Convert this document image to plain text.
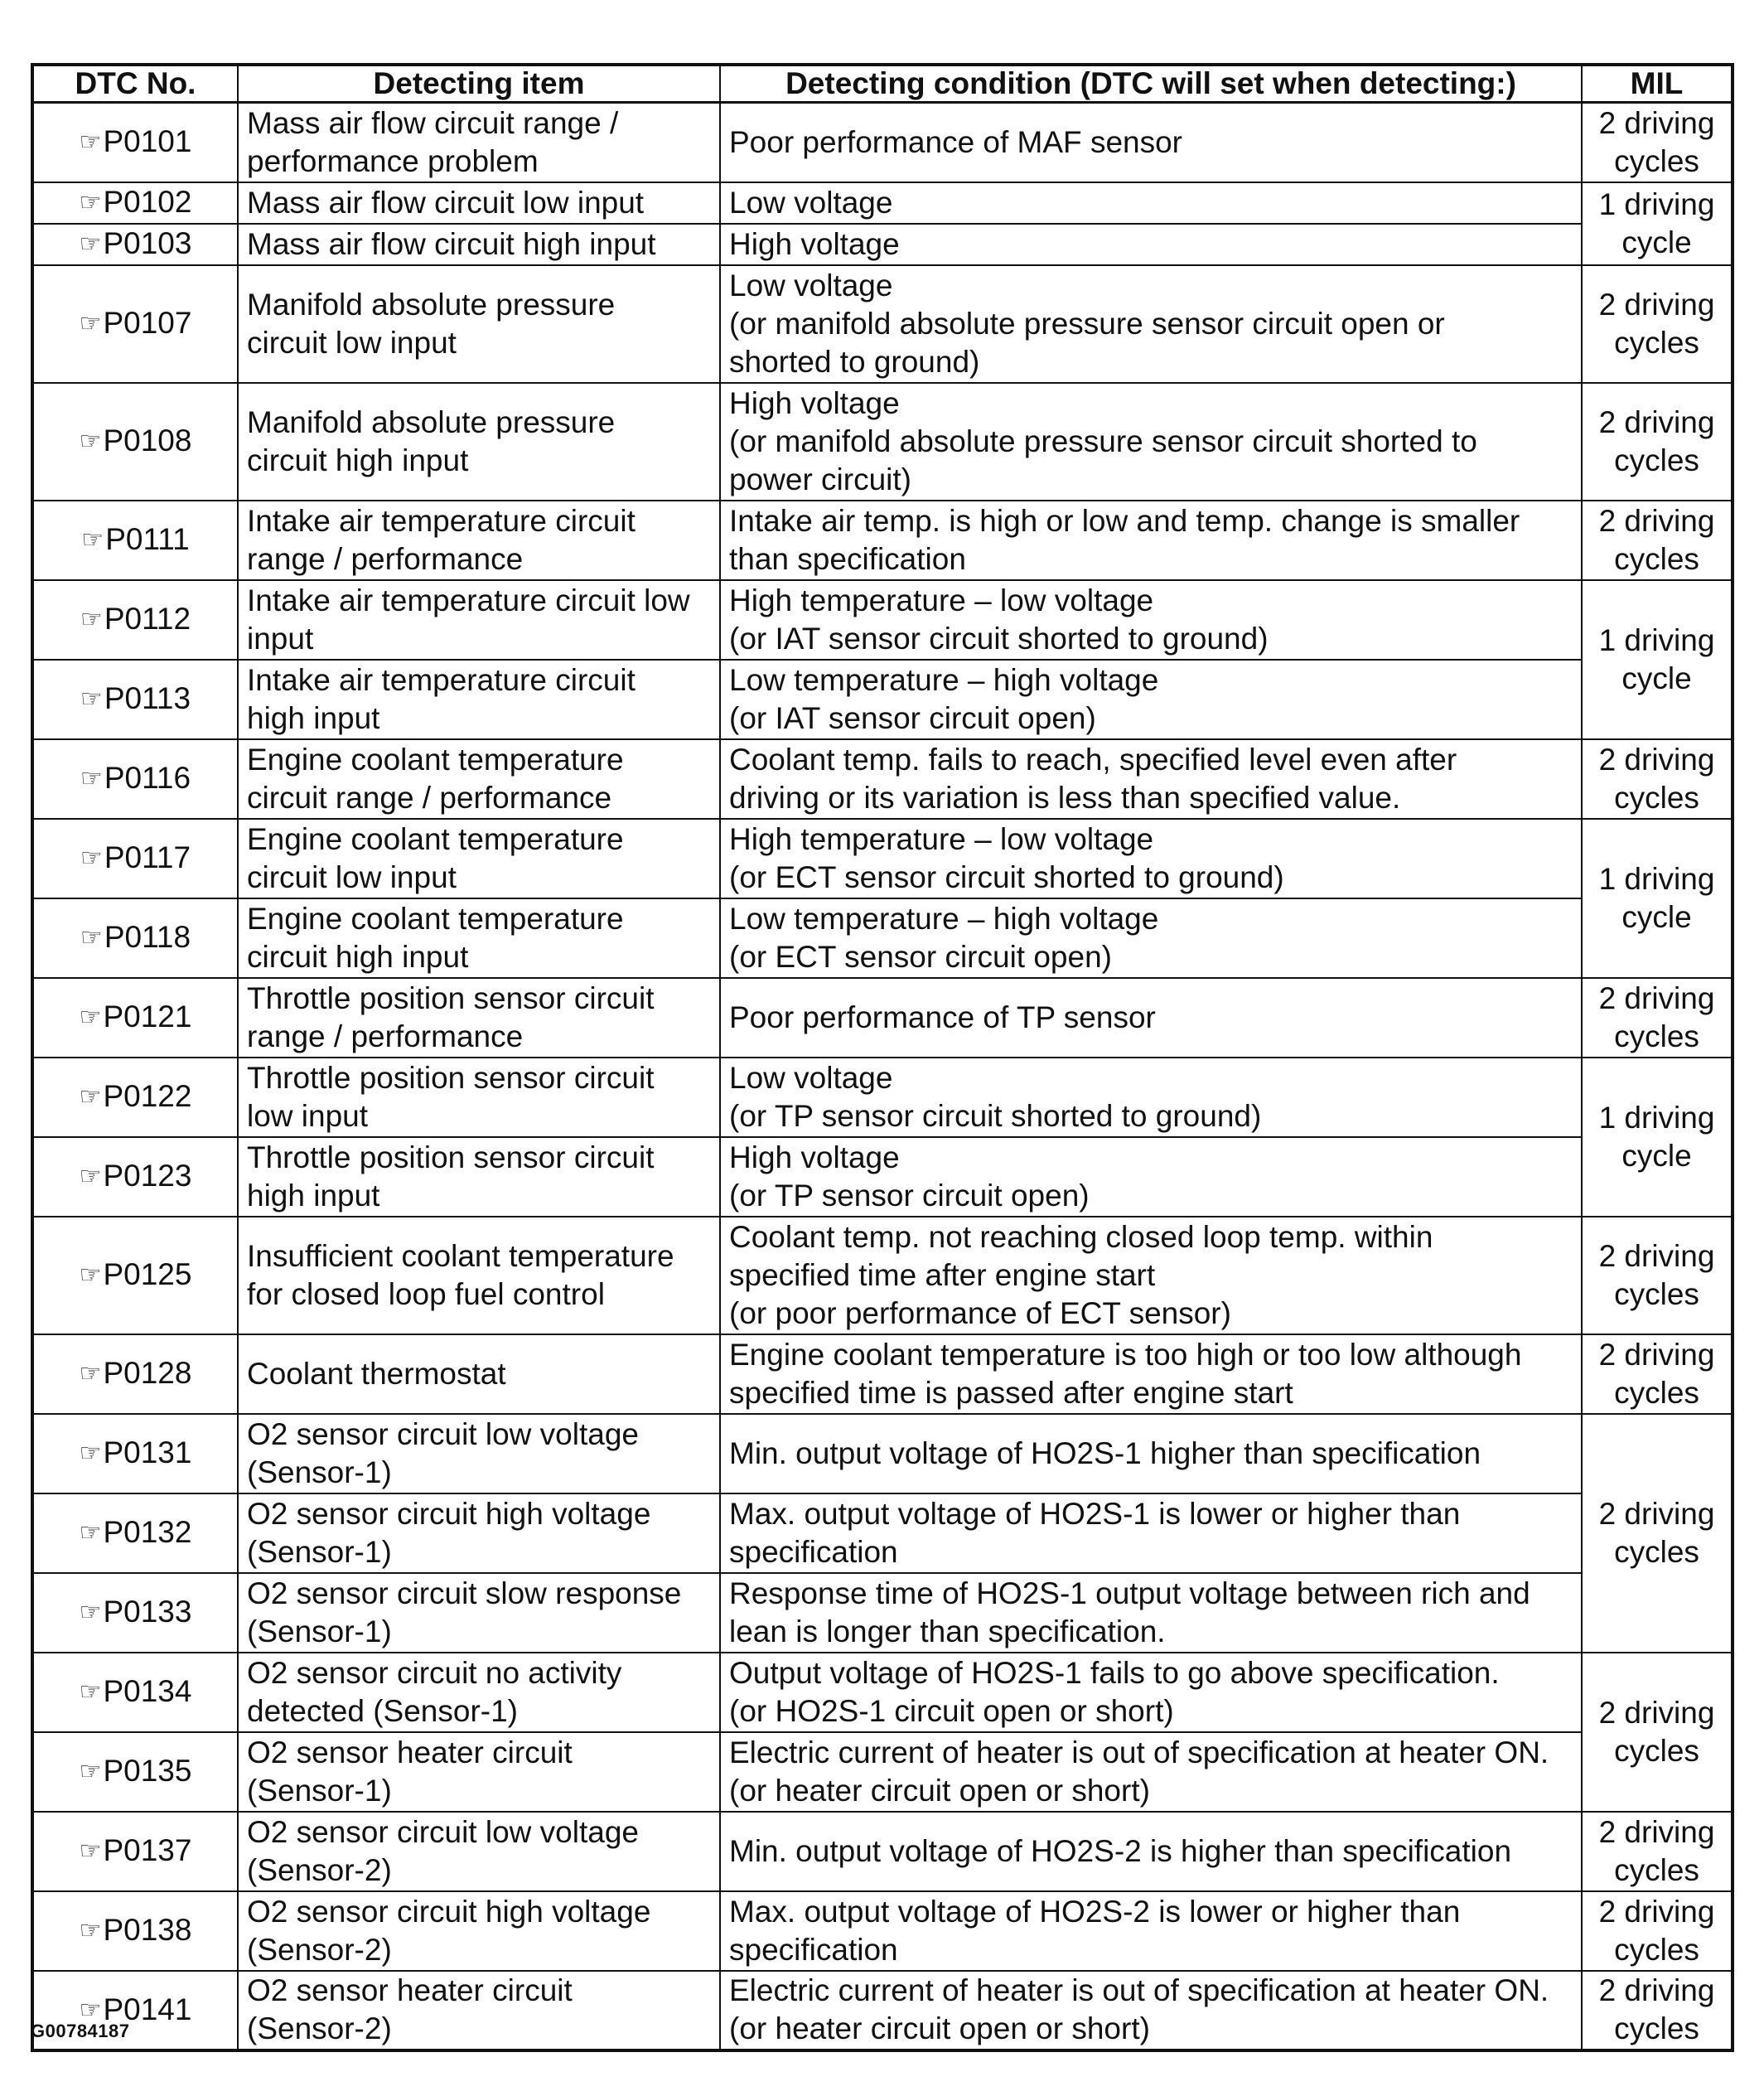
DTC No.	Detecting item	Detecting condition (DTC will set when detecting:)	MIL
☞P0101	Mass air flow circuit range /
performance problem	Poor performance of MAF sensor	2 driving
cycles

☞P0102	Mass air flow circuit low input	Low voltage	1 driving
cycle

☞P0103	Mass air flow circuit high input	High voltage	

☞P0107	Manifold absolute pressure
circuit low input	Low voltage
(or manifold absolute pressure sensor circuit open or
shorted to ground)	2 driving
cycles

☞P0108	Manifold absolute pressure
circuit high input	High voltage
(or manifold absolute pressure sensor circuit shorted to
power circuit)	2 driving
cycles

☞P0111	Intake air temperature circuit
range / performance	Intake air temp. is high or low and temp. change is smaller
than specification	2 driving
cycles

☞P0112	Intake air temperature circuit low
input	High temperature – low voltage
(or IAT sensor circuit shorted to ground)	1 driving
cycle

☞P0113	Intake air temperature circuit
high input	Low temperature – high voltage
(or IAT sensor circuit open)	

☞P0116	Engine coolant temperature
circuit range / performance	Coolant temp. fails to reach, specified level even after
driving or its variation is less than specified value.	2 driving
cycles

☞P0117	Engine coolant temperature
circuit low input	High temperature – low voltage
(or ECT sensor circuit shorted to ground)	1 driving
cycle

☞P0118	Engine coolant temperature
circuit high input	Low temperature – high voltage
(or ECT sensor circuit open)	

☞P0121	Throttle position sensor circuit
range / performance	Poor performance of TP sensor	2 driving
cycles

☞P0122	Throttle position sensor circuit
low input	Low voltage
(or TP sensor circuit shorted to ground)	1 driving
cycle

☞P0123	Throttle position sensor circuit
high input	High voltage
(or TP sensor circuit open)	

☞P0125	Insufficient coolant temperature
for closed loop fuel control	Coolant temp. not reaching closed loop temp. within
specified time after engine start
(or poor performance of ECT sensor)	2 driving
cycles

☞P0128	Coolant thermostat	Engine coolant temperature is too high or too low although
specified time is passed after engine start	2 driving
cycles

☞P0131	O2 sensor circuit low voltage
(Sensor-1)	Min. output voltage of HO2S-1 higher than specification	2 driving
cycles

☞P0132	O2 sensor circuit high voltage
(Sensor-1)	Max. output voltage of HO2S-1 is lower or higher than
specification	

☞P0133	O2 sensor circuit slow response
(Sensor-1)	Response time of HO2S-1 output voltage between rich and
lean is longer than specification.	

☞P0134	O2 sensor circuit no activity
detected (Sensor-1)	Output voltage of HO2S-1 fails to go above specification.
(or HO2S-1 circuit open or short)	2 driving
cycles

☞P0135	O2 sensor heater circuit
(Sensor-1)	Electric current of heater is out of specification at heater ON.
(or heater circuit open or short)	

☞P0137	O2 sensor circuit low voltage
(Sensor-2)	Min. output voltage of HO2S-2 is higher than specification	2 driving
cycles

☞P0138	O2 sensor circuit high voltage
(Sensor-2)	Max. output voltage of HO2S-2 is lower or higher than
specification	2 driving
cycles

☞P0141	O2 sensor heater circuit
(Sensor-2)	Electric current of heater is out of specification at heater ON.
(or heater circuit open or short)	2 driving
cycles
G00784187
